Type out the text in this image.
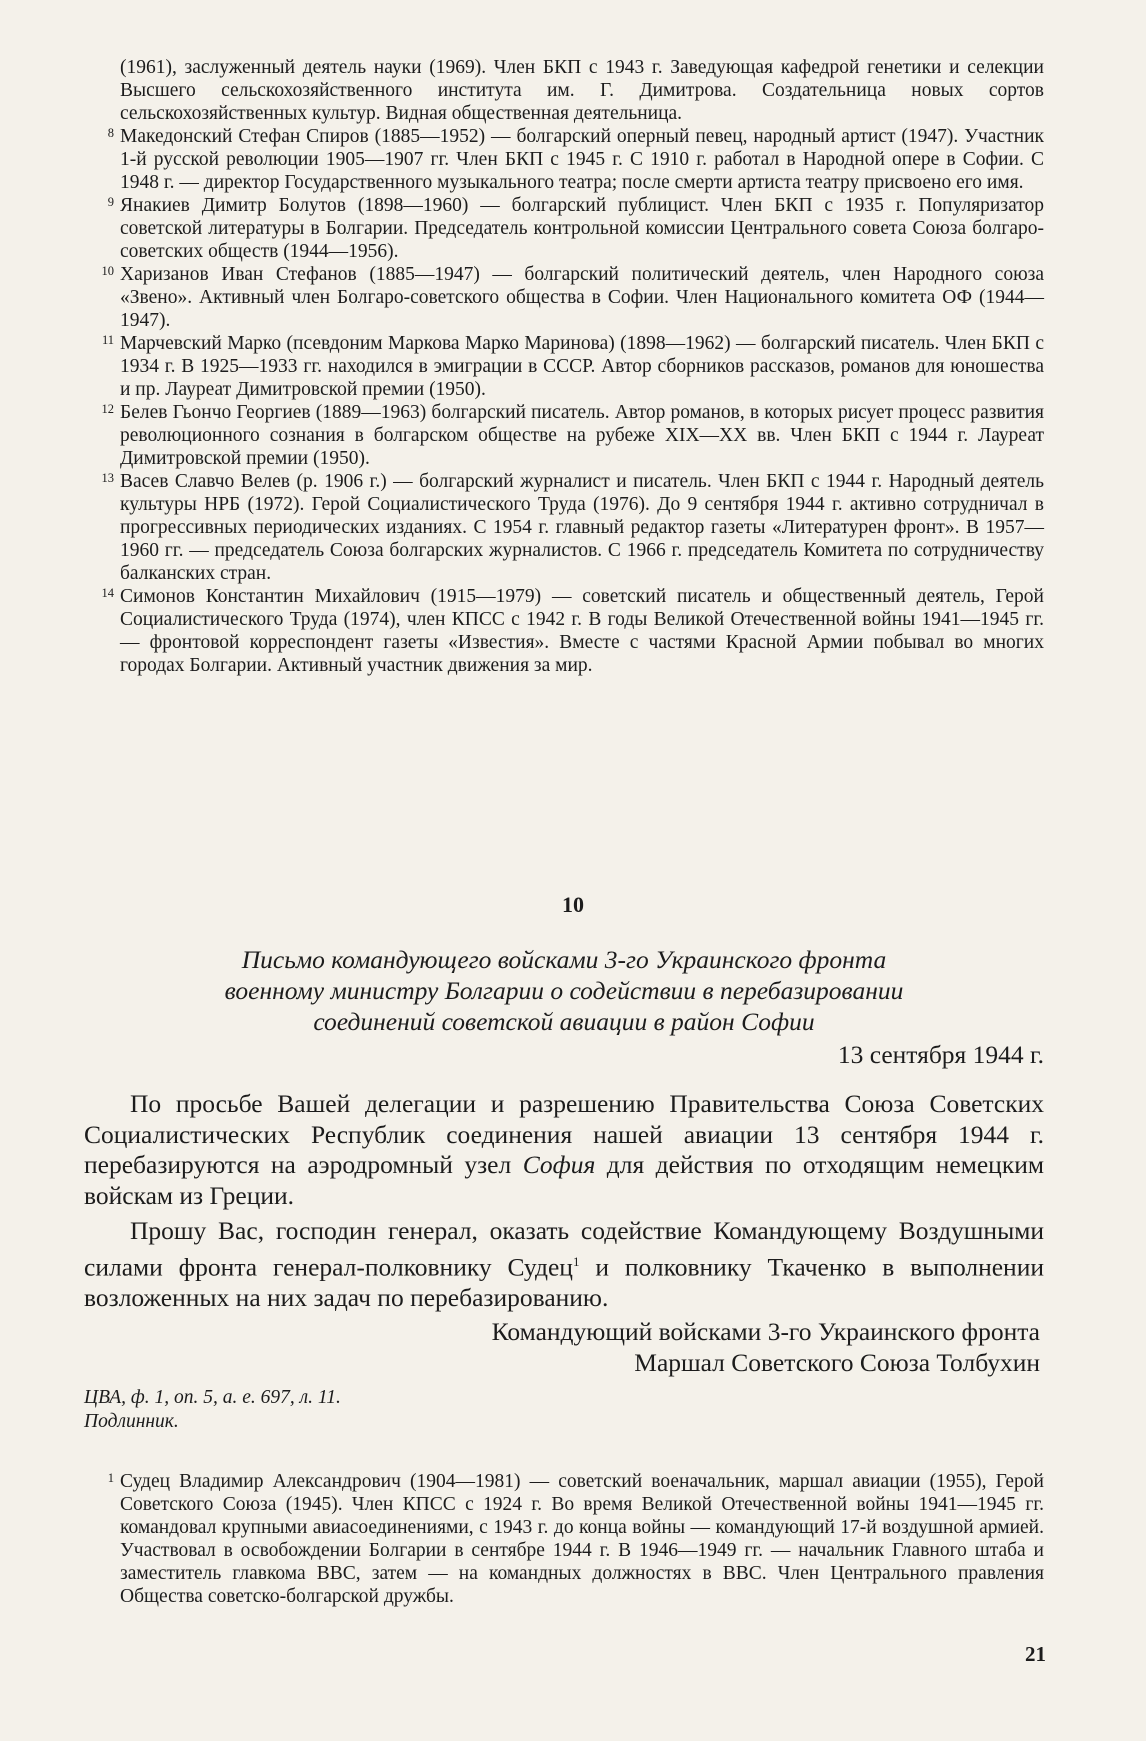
(1961), заслуженный деятель науки (1969). Член БКП с 1943 г. Заведующая кафедрой генетики и селекции Высшего сельскохозяйственного института им. Г. Димитрова. Создательница новых сортов сельскохозяйственных культур. Видная общественная деятельница.
8 Македонский Стефан Спиров (1885—1952) — болгарский оперный певец, народный артист (1947). Участник 1-й русской революции 1905—1907 гг. Член БКП с 1945 г. С 1910 г. работал в Народной опере в Софии. С 1948 г. — директор Государственного музыкального театра; после смерти артиста театру присвоено его имя.
9 Янакиев Димитр Болутов (1898—1960) — болгарский публицист. Член БКП с 1935 г. Популяризатор советской литературы в Болгарии. Председатель контрольной комиссии Центрального совета Союза болгаро-советских обществ (1944—1956).
10 Харизанов Иван Стефанов (1885—1947) — болгарский политический деятель, член Народного союза «Звено». Активный член Болгаро-советского общества в Софии. Член Национального комитета ОФ (1944—1947).
11 Марчевский Марко (псевдоним Маркова Марко Маринова) (1898—1962) — болгарский писатель. Член БКП с 1934 г. В 1925—1933 гг. находился в эмиграции в СССР. Автор сборников рассказов, романов для юношества и пр. Лауреат Димитровской премии (1950).
12 Белев Гьончо Георгиев (1889—1963) болгарский писатель. Автор романов, в которых рисует процесс развития революционного сознания в болгарском обществе на рубеже XIX—XX вв. Член БКП с 1944 г. Лауреат Димитровской премии (1950).
13 Васев Славчо Велев (р. 1906 г.) — болгарский журналист и писатель. Член БКП с 1944 г. Народный деятель культуры НРБ (1972). Герой Социалистического Труда (1976). До 9 сентября 1944 г. активно сотрудничал в прогрессивных периодических изданиях. С 1954 г. главный редактор газеты «Литературен фронт». В 1957—1960 гг. — председатель Союза болгарских журналистов. С 1966 г. председатель Комитета по сотрудничеству балканских стран.
14 Симонов Константин Михайлович (1915—1979) — советский писатель и общественный деятель, Герой Социалистического Труда (1974), член КПСС с 1942 г. В годы Великой Отечественной войны 1941—1945 гг. — фронтовой корреспондент газеты «Известия». Вместе с частями Красной Армии побывал во многих городах Болгарии. Активный участник движения за мир.
10
Письмо командующего войсками 3-го Украинского фронта
военному министру Болгарии о содействии в перебазировании
соединений советской авиации в район Софии
13 сентября 1944 г.

По просьбе Вашей делегации и разрешению Правительства Союза Советских Социалистических Республик соединения нашей авиации 13 сентября 1944 г. перебазируются на аэродромный узел София для действия по отходящим немецким войскам из Греции.

Прошу Вас, господин генерал, оказать содействие Командующему Воздушными силами фронта генерал-полковнику Судец$^1$ и полковнику Ткаченко в выполнении возложенных на них задач по перебазированию.

Командующий войсками 3-го Украинского фронта
Маршал Советского Союза Толбухин
ЦВА, ф. 1, оп. 5, а. е. 697, л. 11.
Подлинник.
1 Судец Владимир Александрович (1904—1981) — советский военачальник, маршал авиации (1955), Герой Советского Союза (1945). Член КПСС с 1924 г. Во время Великой Отечественной войны 1941—1945 гг. командовал крупными авиасоединениями, с 1943 г. до конца войны — командующий 17-й воздушной армией. Участвовал в освобождении Болгарии в сентябре 1944 г. В 1946—1949 гг. — начальник Главного штаба и заместитель главкома ВВС, затем — на командных должностях в ВВС. Член Центрального правления Общества советско-болгарской дружбы.
21
